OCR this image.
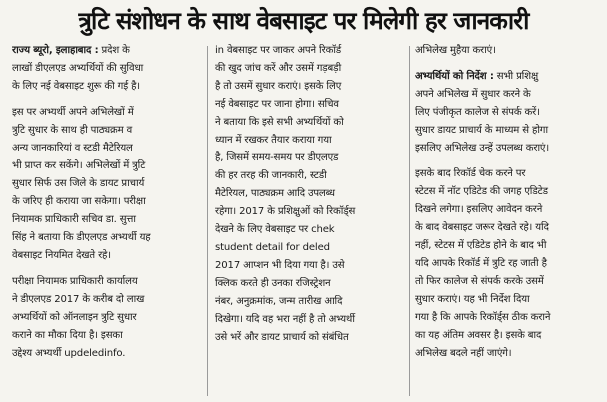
त्रुटि संशोधन के साथ वेबसाइट पर मिलेगी हर जानकारी
राज्य ब्यूरो, इलाहाबाद : प्रदेश के
लाखों डीएलएड अभ्यर्थियों की सुविधा
के लिए नई वेबसाइट शुरू की गई है।
इस पर अभ्यर्थी अपने अभिलेखों में
त्रुटि सुधार के साथ ही पाठ्यक्रम व
अन्य जानकारियां व स्टडी मैटेरियल
भी प्राप्त कर सकेंगे। अभिलेखों में त्रुटि
सुधार सिर्फ उस जिले के डायट प्राचार्य
के जरिए ही कराया जा सकेगा। परीक्षा
नियामक प्राधिकारी सचिव डा. सुत्ता
सिंह ने बताया कि डीएलएड अभ्यर्थी यह
वेबसाइट नियमित देखते रहे।
परीक्षा नियामक प्राधिकारी कार्यालय
ने डीएलएड 2017 के करीब दो लाख
अभ्यर्थियों को ऑनलाइन त्रुटि सुधार
कराने का मौका दिया है। इसका
उद्देश्य अभ्यर्थी updeledinfo.
in वेबसाइट पर जाकर अपने रिकॉर्ड
की खुद जांच करें और उसमें गड़बड़ी
है तो उसमें सुधार कराएं। इसके लिए
नई वेबसाइट पर जाना होगा। सचिव
ने बताया कि इसे सभी अभ्यर्थियों को
ध्यान में रखकर तैयार कराया गया
है, जिसमें समय-समय पर डीएलएड
की हर तरह की जानकारी, स्टडी
मैटेरियल, पाठ्यक्रम आदि उपलब्ध
रहेगा। 2017 के प्रशिक्षुओं को रिकॉर्ड्स
देखने के लिए वेबसाइट पर chek
student detail for deled
2017 आप्शन भी दिया गया है। उसे
क्लिक करते ही उनका रजिस्ट्रेशन
नंबर, अनुक्रमांक, जन्म तारीख आदि
दिखेगा। यदि वह भरा नहीं है तो अभ्यर्थी
उसे भरें और डायट प्राचार्य को संबंधित
अभिलेख मुहैया कराएं।
अभ्यर्थियों को निर्देश : सभी प्रशिक्षु
अपने अभिलेख में सुधार करने के
लिए पंजीकृत कालेज से संपर्क करें।
सुधार डायट प्राचार्य के माध्यम से होगा
इसलिए अभिलेख उन्हें उपलब्ध कराएं।
इसके बाद रिकॉर्ड चेक करने पर
स्टेटस में नॉट एडिटेड की जगह एडिटेड
दिखने लगेगा। इसलिए आवेदन करने
के बाद वेबसाइट जरूर देखते रहे। यदि
नहीं, स्टेटस में एडिटेड होने के बाद भी
यदि आपके रिकॉर्ड में त्रुटि रह जाती है
तो फिर कालेज से संपर्क करके उसमें
सुधार कराएं। यह भी निर्देश दिया
गया है कि आपके रिकॉर्ड्स ठीक कराने
का यह अंतिम अवसर है। इसके बाद
अभिलेख बदले नहीं जाएंगे।
